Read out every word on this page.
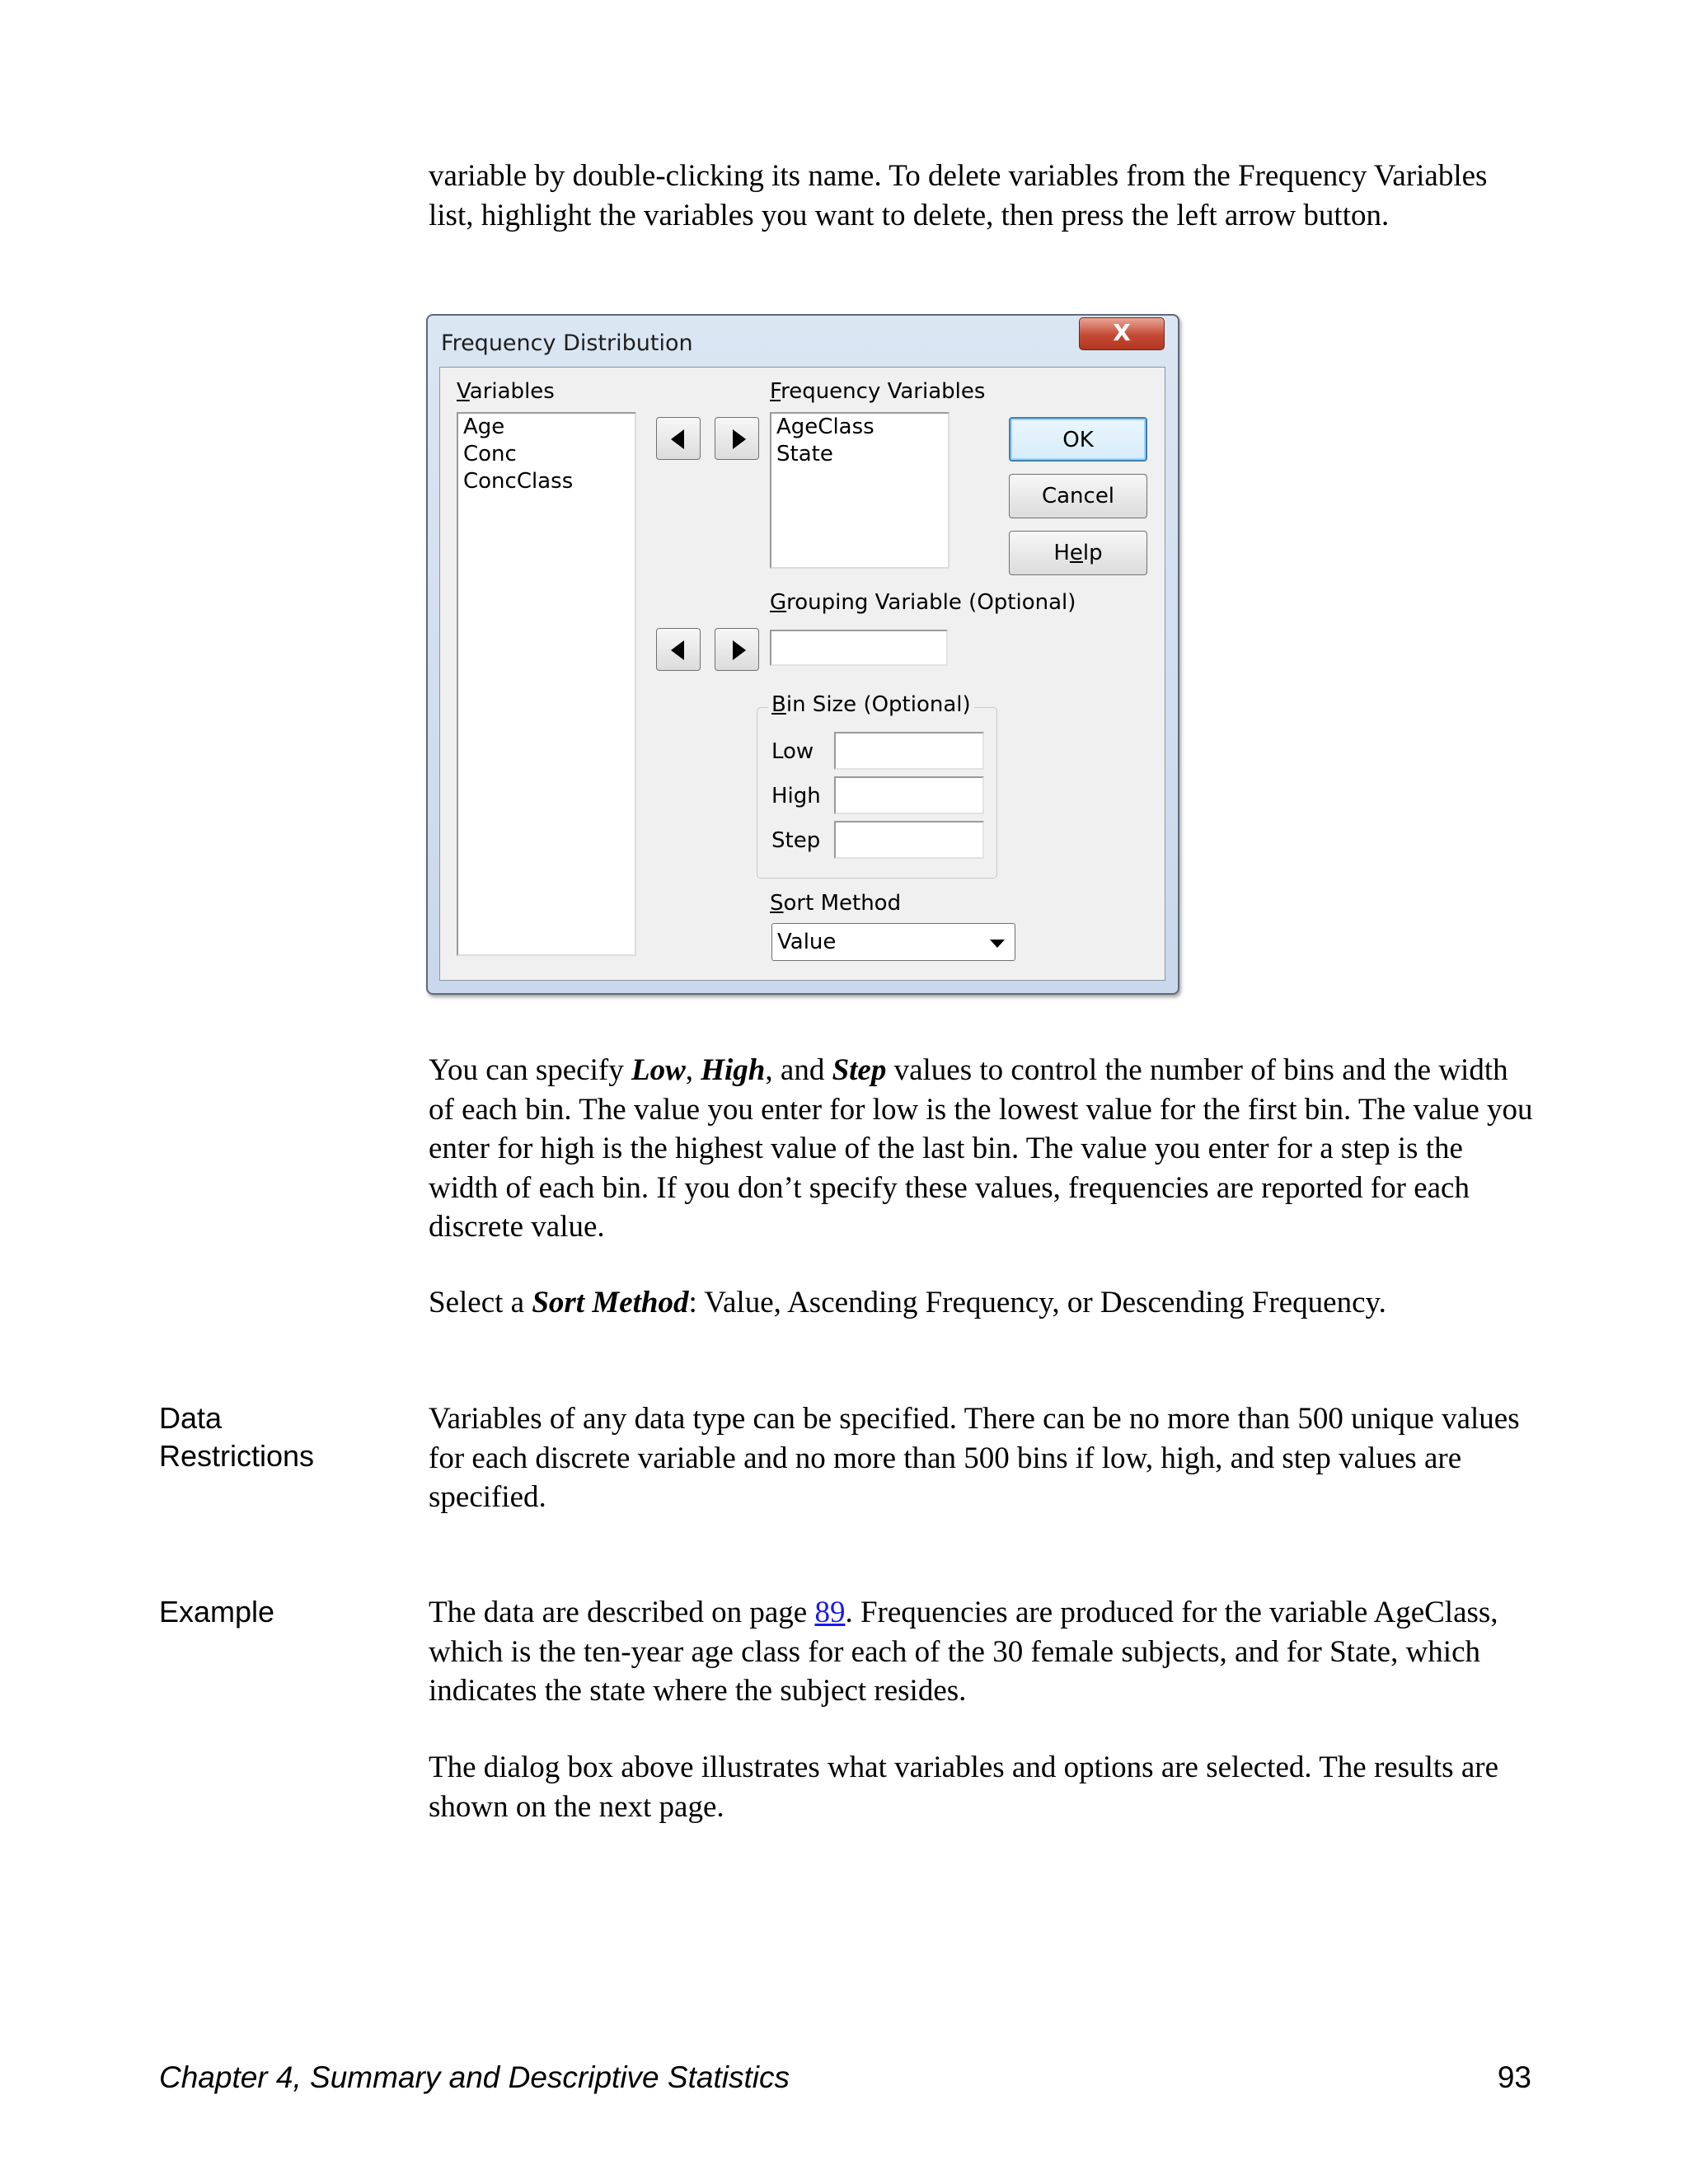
variable by double-clicking its name. To delete variables from the Frequency Variables list, highlight the variables you want to delete, then press the left arrow button.

Frequency Distribution	X
Variables
Age
Conc
ConcClass
Frequency Variables
AgeClass
State
OK
Cancel
Help
Grouping Variable (Optional)
Bin Size (Optional)
Low
High
Step
Sort Method
Value

You can specify Low, High, and Step values to control the number of bins and the width of each bin. The value you enter for low is the lowest value for the first bin. The value you enter for high is the highest value of the last bin. The value you enter for a step is the width of each bin. If you don’t specify these values, frequencies are reported for each discrete value.

Select a Sort Method: Value, Ascending Frequency, or Descending Frequency.

Data
Restrictions

Variables of any data type can be specified. There can be no more than 500 unique values for each discrete variable and no more than 500 bins if low, high, and step values are specified.

Example	The data are described on page 89. Frequencies are produced for the variable AgeClass, which is the ten-year age class for each of the 30 female subjects, and for State, which indicates the state where the subject resides.

The dialog box above illustrates what variables and options are selected. The results are shown on the next page.

Chapter 4, Summary and Descriptive Statistics	93
